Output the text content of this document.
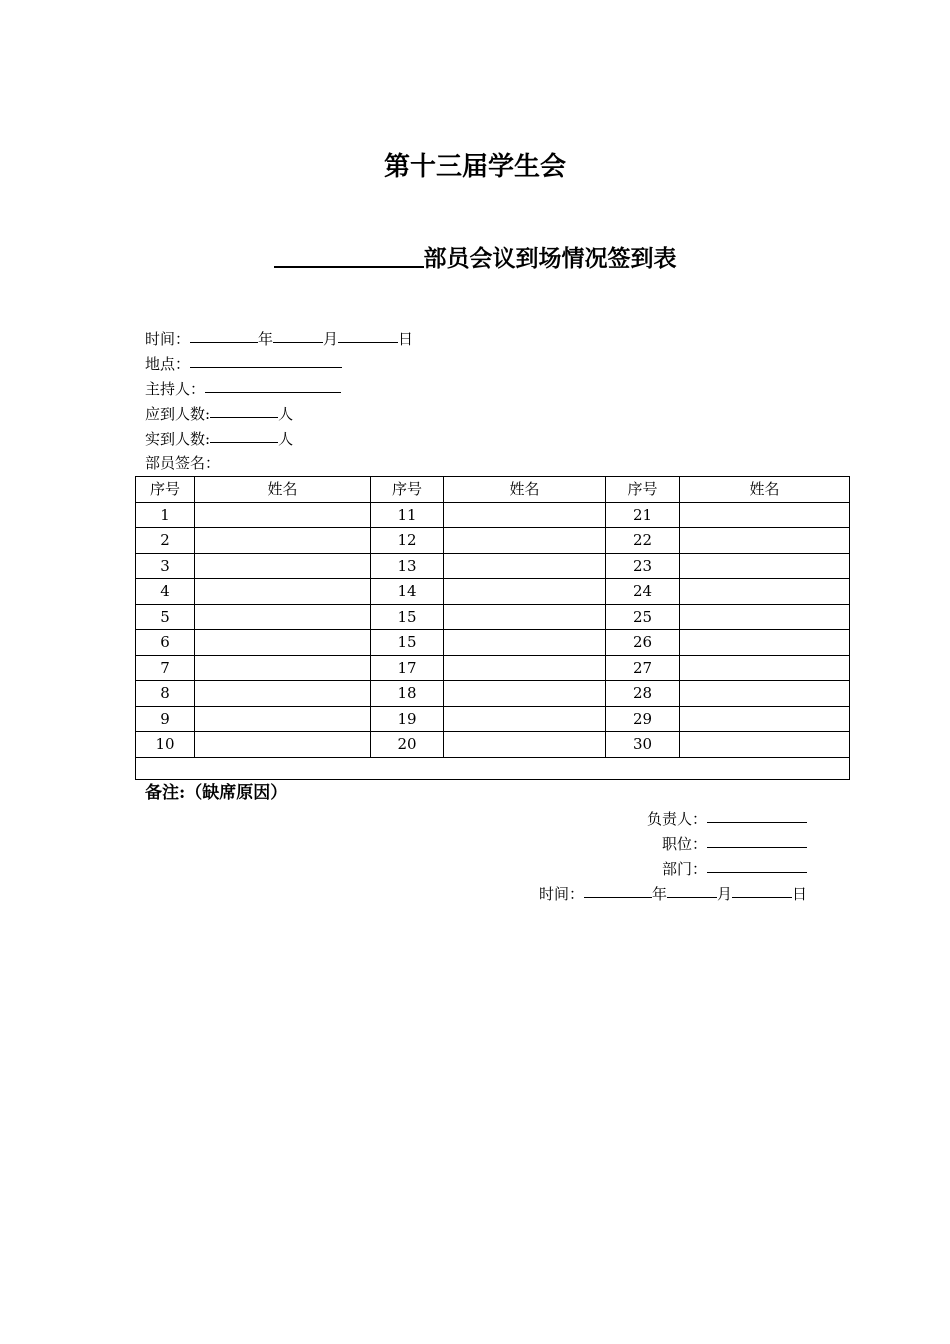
第十三届学生会
部员会议到场情况签到表
时间：	年	月	日
地点：
主持人：
应到人数:	人
实到人数:	人
部员签名：
序号	姓名	序号	姓名	序号	姓名
1		11		21	
2		12		22	
3		13		23	
4		14		24	
5		15		25	
6		15		26	
7		17		27	
8		18		28	
9		19		29	
10		20		30	

备注:（缺席原因）
负责人：
职位：
部门：
时间：	年	月	日
